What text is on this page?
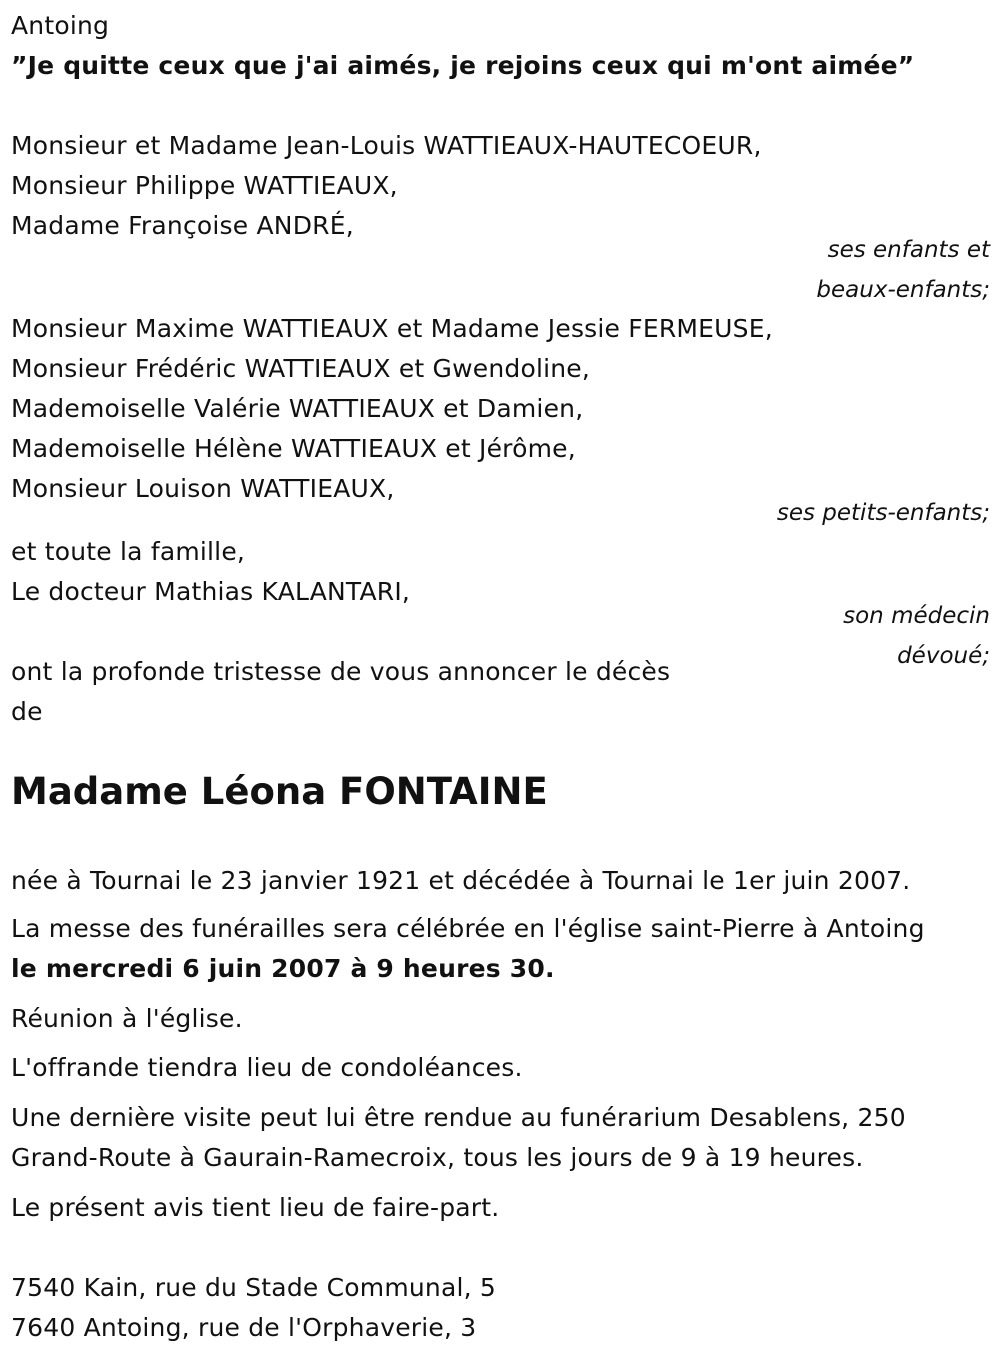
Antoing
”Je quitte ceux que j'ai aimés, je rejoins ceux qui m'ont aimée”
Monsieur et Madame Jean-Louis WATTIEAUX-HAUTECOEUR,
Monsieur Philippe WATTIEAUX,
Madame Françoise ANDRÉ,
ses enfants et
beaux-enfants;
Monsieur Maxime WATTIEAUX et Madame Jessie FERMEUSE,
Monsieur Frédéric WATTIEAUX et Gwendoline,
Mademoiselle Valérie WATTIEAUX et Damien,
Mademoiselle Hélène WATTIEAUX et Jérôme,
Monsieur Louison WATTIEAUX,
ses petits-enfants;
et toute la famille,
Le docteur Mathias KALANTARI,
son médecin
dévoué;
ont la profonde tristesse de vous annoncer le décès
de
Madame Léona FONTAINE
née à Tournai le 23 janvier 1921 et décédée à Tournai le 1er juin 2007.
La messe des funérailles sera célébrée en l'église saint-Pierre à Antoing
le mercredi 6 juin 2007 à 9 heures 30.
Réunion à l'église.
L'offrande tiendra lieu de condoléances.
Une dernière visite peut lui être rendue au funérarium Desablens, 250
Grand-Route à Gaurain-Ramecroix, tous les jours de 9 à 19 heures.
Le présent avis tient lieu de faire-part.
7540 Kain, rue du Stade Communal, 5
7640 Antoing, rue de l'Orphaverie, 3
